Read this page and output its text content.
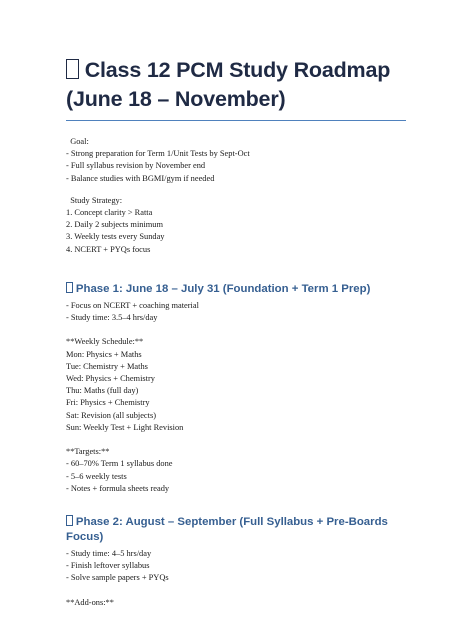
Class 12 PCM Study Roadmap (June 18 – November)
Goal:
- Strong preparation for Term 1/Unit Tests by Sept-Oct
- Full syllabus revision by November end
- Balance studies with BGMI/gym if needed
Study Strategy:
1. Concept clarity > Ratta
2. Daily 2 subjects minimum
3. Weekly tests every Sunday
4. NCERT + PYQs focus
Phase 1: June 18 – July 31 (Foundation + Term 1 Prep)
- Focus on NCERT + coaching material
- Study time: 3.5–4 hrs/day
**Weekly Schedule:**
Mon: Physics + Maths
Tue: Chemistry + Maths
Wed: Physics + Chemistry
Thu: Maths (full day)
Fri: Physics + Chemistry
Sat: Revision (all subjects)
Sun: Weekly Test + Light Revision
**Targets:**
- 60–70% Term 1 syllabus done
- 5–6 weekly tests
- Notes + formula sheets ready
Phase 2: August – September (Full Syllabus + Pre-Boards Focus)
- Study time: 4–5 hrs/day
- Finish leftover syllabus
- Solve sample papers + PYQs
**Add-ons:**
